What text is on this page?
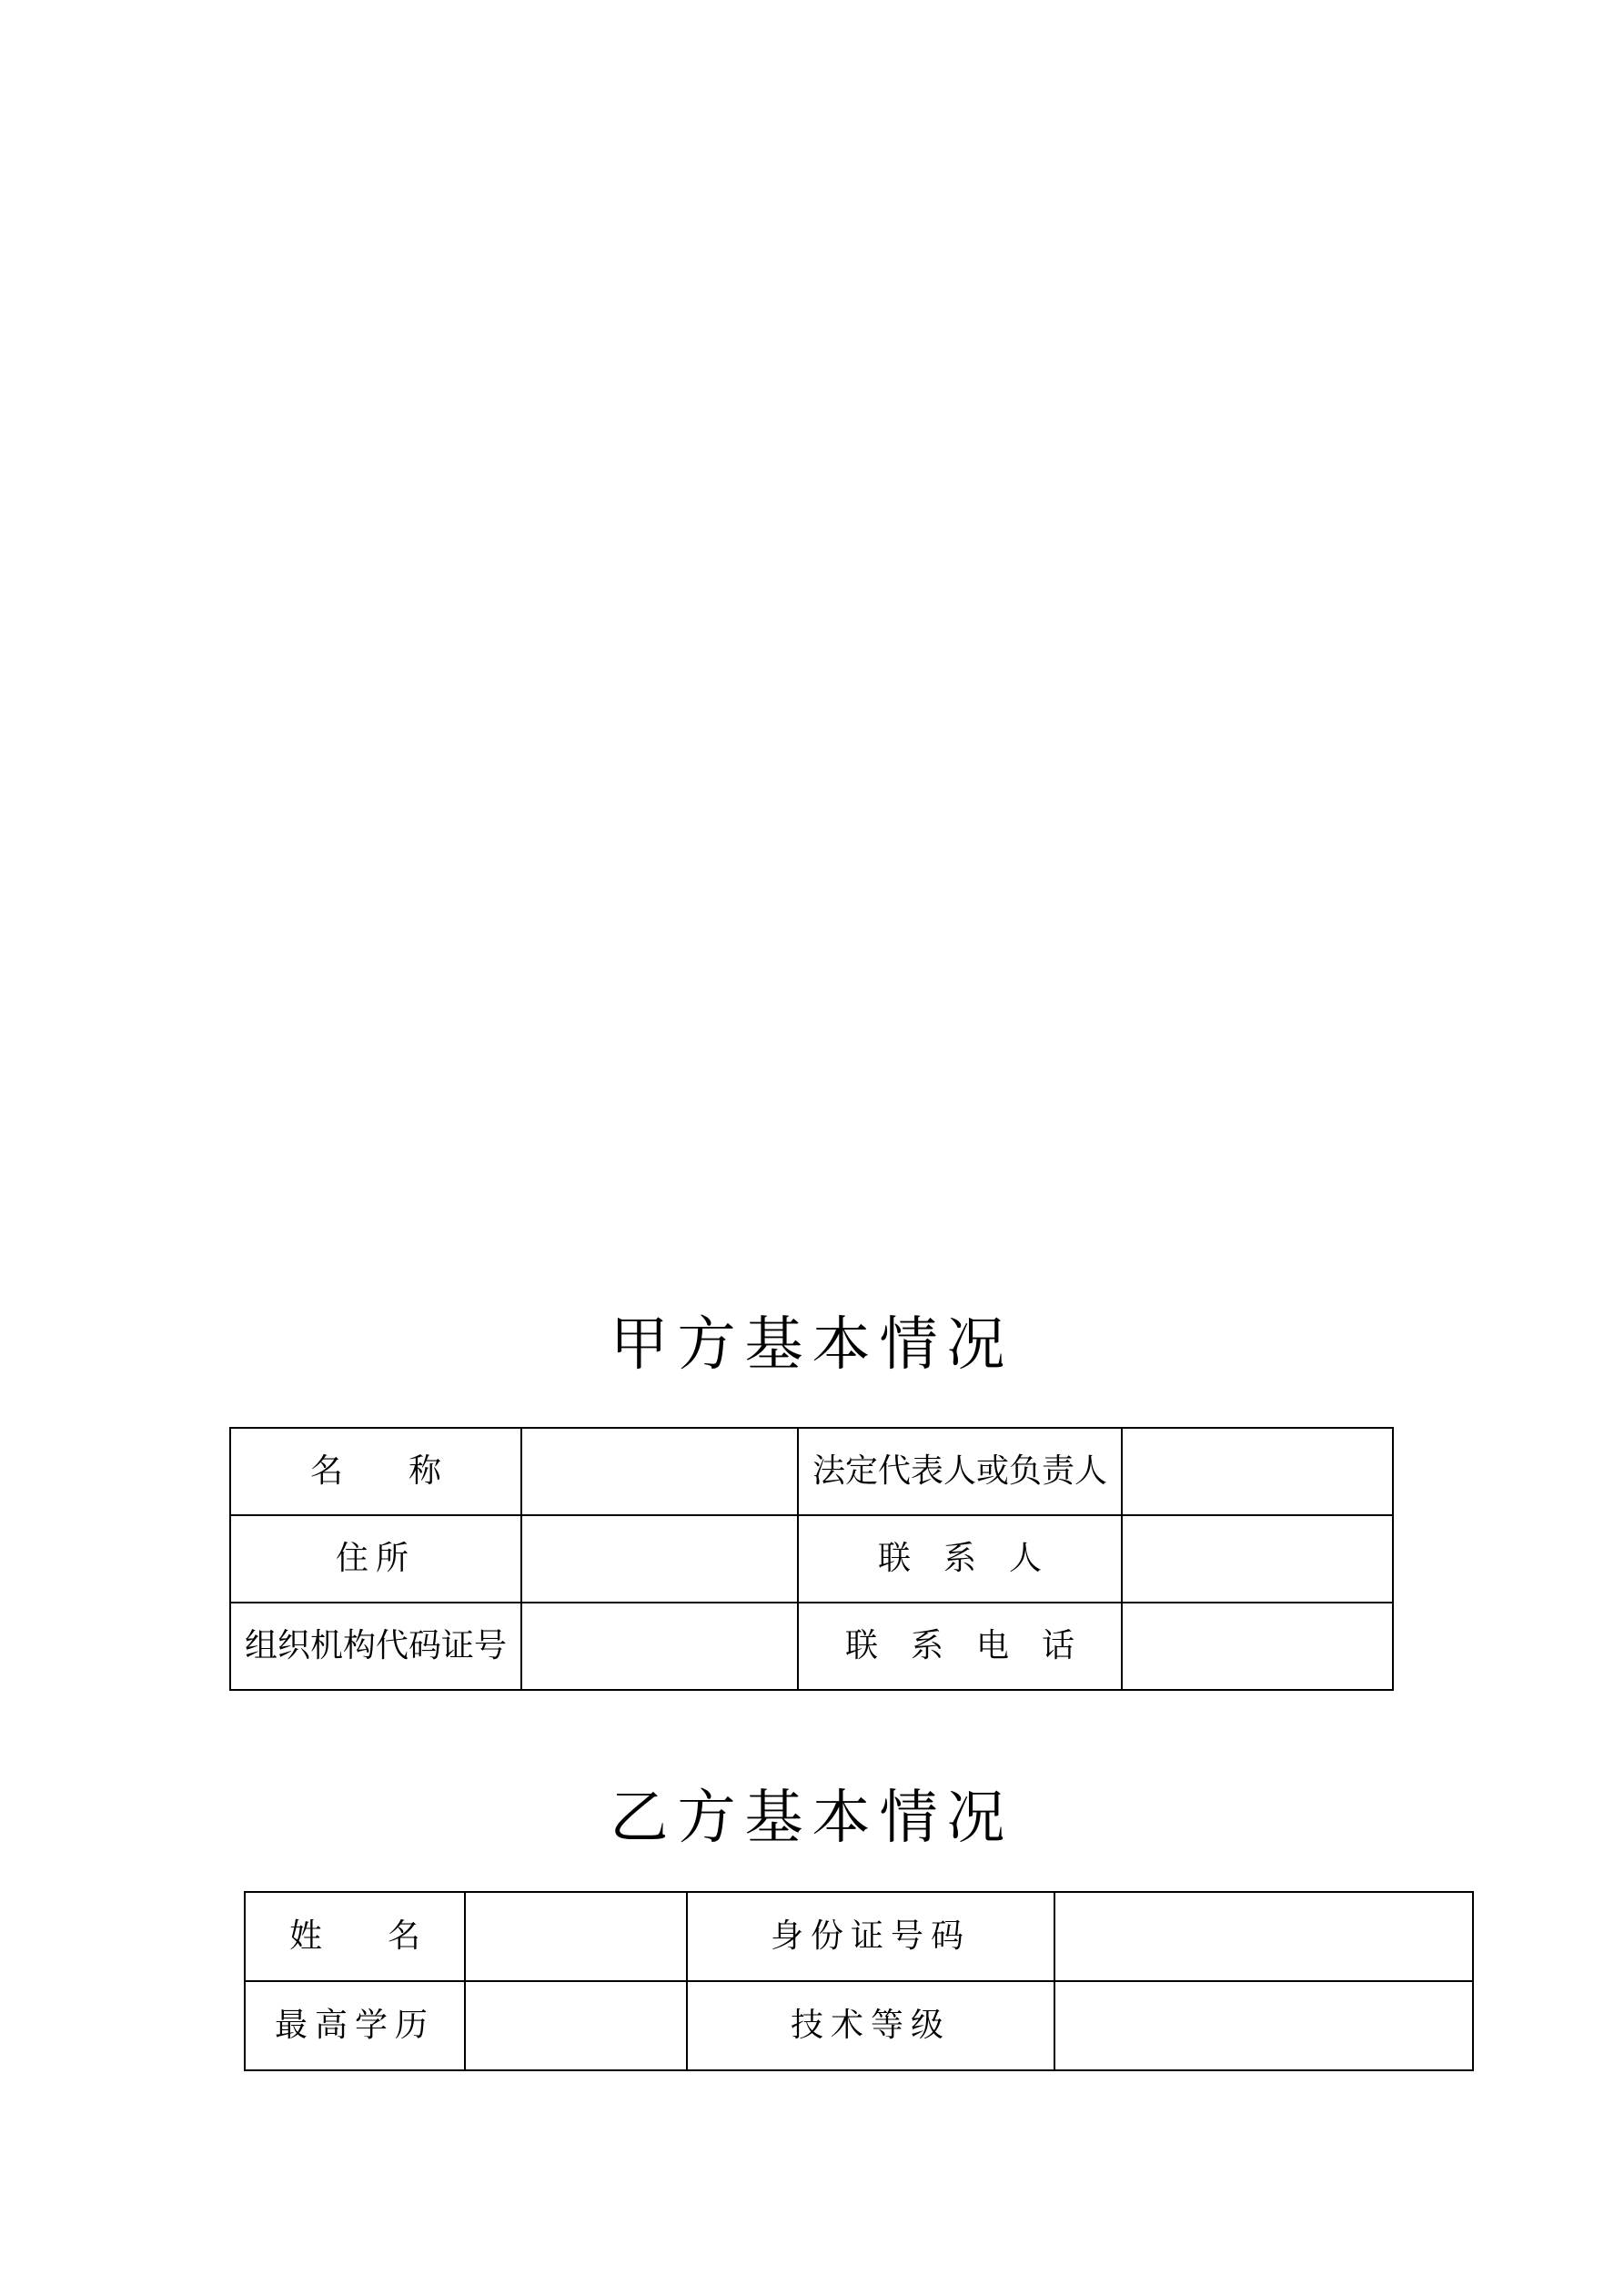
甲方基本情况
名　　称		法定代表人或负责人	
住所		联　系　人	
组织机构代码证号		联　系　电　话	
乙方基本情况
姓　　名		身份证号码	
最高学历		技术等级	
